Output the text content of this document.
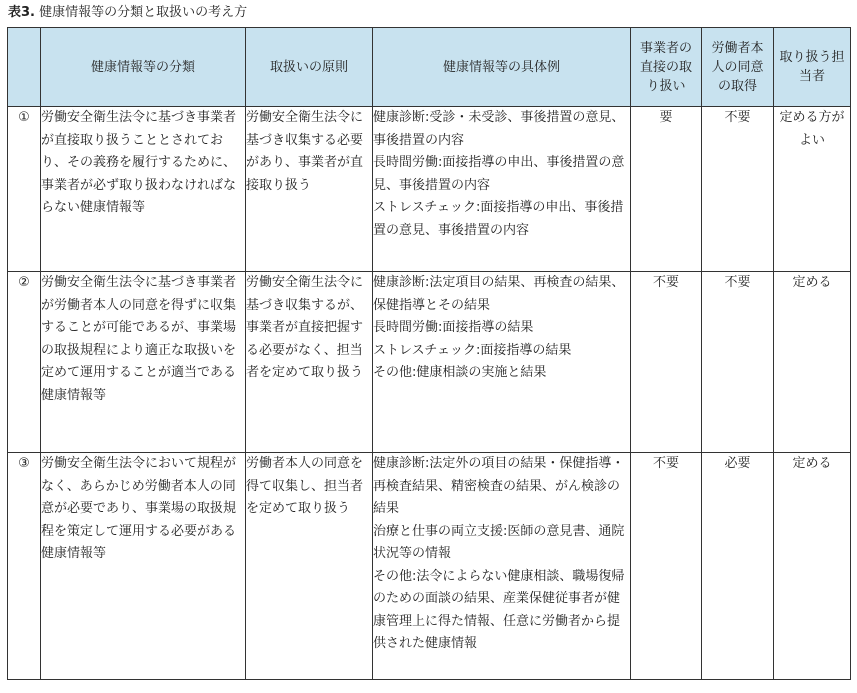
表3. 健康情報等の分類と取扱いの考え方

	健康情報等の分類	取扱いの原則	健康情報等の具体例	事業者の直接の取り扱い	労働者本人の同意の取得	取り扱う担当者

①	労働安全衛生法令に基づき事業者が直接取り扱うこととされており、その義務を履行するために、事業者が必ず取り扱わなければならない健康情報等	労働安全衛生法令に基づき収集する必要があり、事業者が直接取り扱う	健康診断:受診・未受診、事後措置の意見、事後措置の内容
長時間労働:面接指導の申出、事後措置の意見、事後措置の内容
ストレスチェック:面接指導の申出、事後措置の意見、事後措置の内容	要	不要	定める方がよい
②	労働安全衛生法令に基づき事業者が労働者本人の同意を得ずに収集することが可能であるが、事業場の取扱規程により適正な取扱いを定めて運用することが適当である健康情報等	労働安全衛生法令に基づき収集するが、事業者が直接把握する必要がなく、担当者を定めて取り扱う	健康診断:法定項目の結果、再検査の結果、保健指導とその結果
長時間労働:面接指導の結果
ストレスチェック:面接指導の結果
その他:健康相談の実施と結果	不要	不要	定める
③	労働安全衛生法令において規程がなく、あらかじめ労働者本人の同意が必要であり、事業場の取扱規程を策定して運用する必要がある健康情報等	労働者本人の同意を得て収集し、担当者を定めて取り扱う	健康診断:法定外の項目の結果・保健指導・再検査結果、精密検査の結果、がん検診の結果
治療と仕事の両立支援:医師の意見書、通院状況等の情報
その他:法令によらない健康相談、職場復帰のための面談の結果、産業保健従事者が健康管理上に得た情報、任意に労働者から提供された健康情報	不要	必要	定める
